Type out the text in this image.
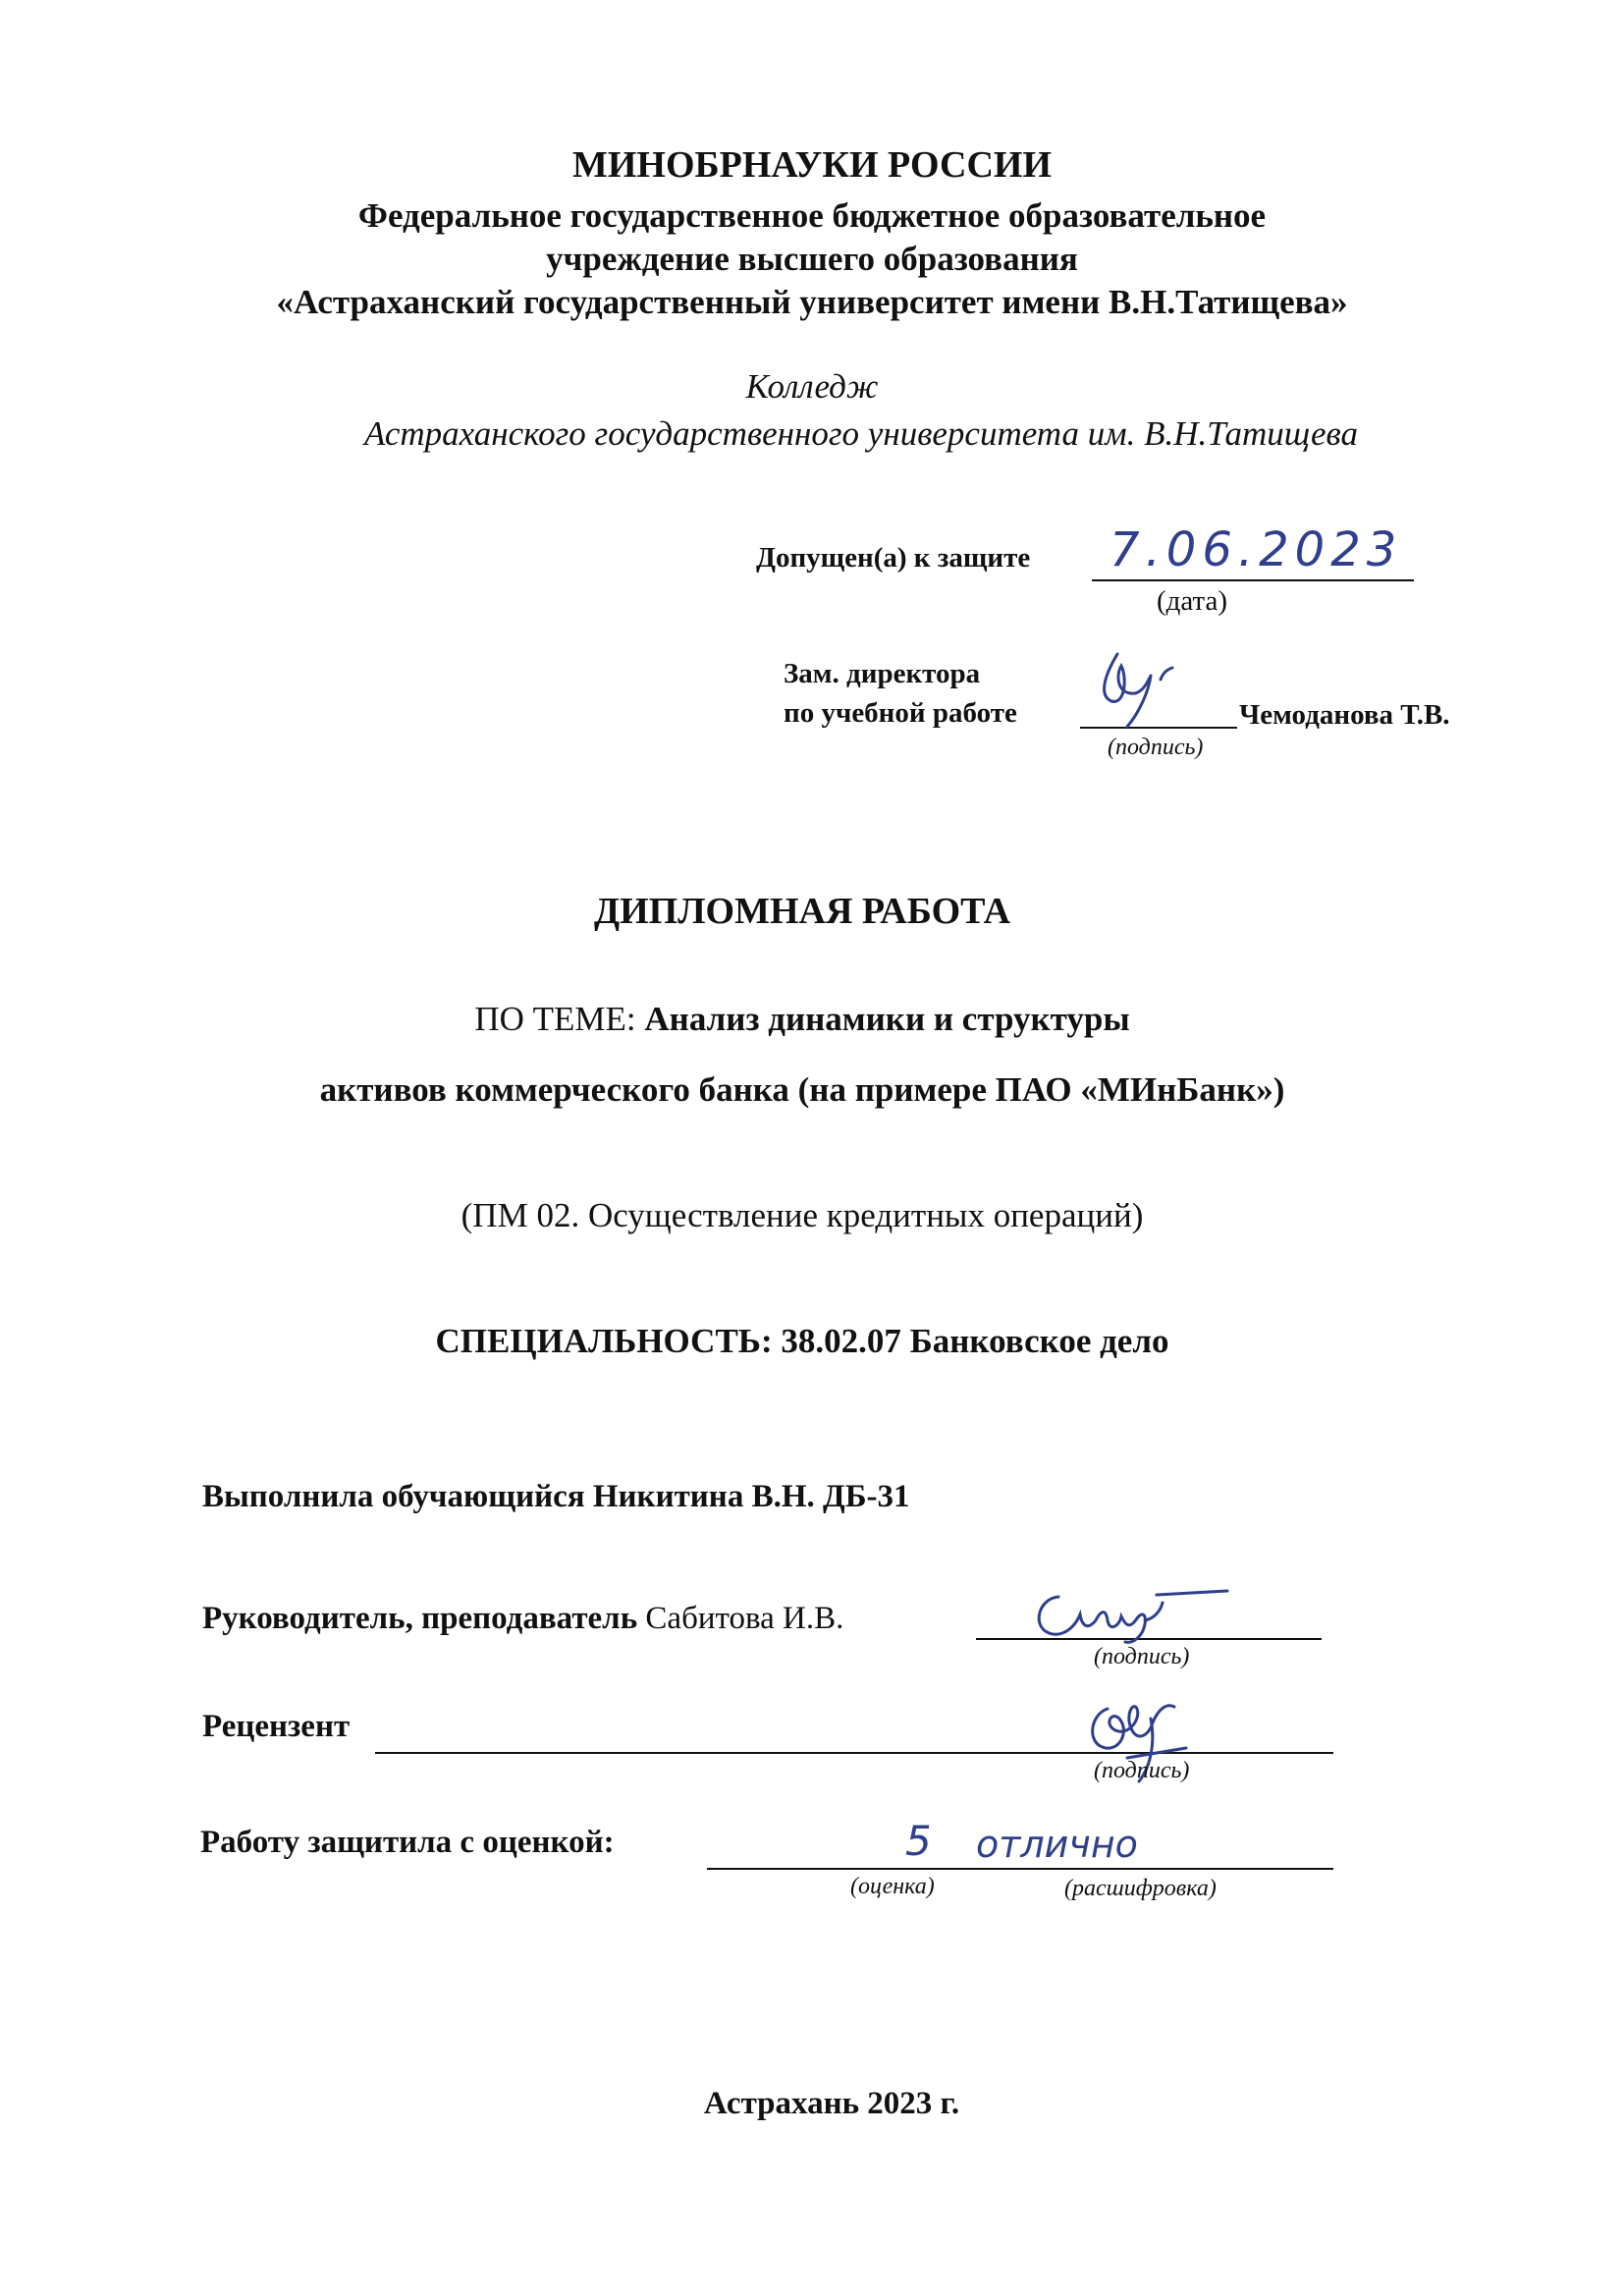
МИНОБРНАУКИ РОССИИ
Федеральное государственное бюджетное образовательное
учреждение высшего образования
«Астраханский государственный университет имени В.Н.Татищева»
Колледж
Астраханского государственного университета им. В.Н.Татищева
Допущен(а) к защите 7.06.2023
(дата)
Зам. директора
по учебной работе	Чемоданова Т.В.
(подпись)
ДИПЛОМНАЯ РАБОТА
ПО ТЕМЕ: Анализ динамики и структуры
активов коммерческого банка (на примере ПАО «МИнБанк»)
(ПМ 02. Осуществление кредитных операций)
СПЕЦИАЛЬНОСТЬ: 38.02.07 Банковское дело
Выполнила обучающийся Никитина В.Н. ДБ-31
Руководитель, преподаватель Сабитова И.В.
(подпись)
Рецензент
(подпись)
Работу защитила с оценкой:	5 отлично
(оценка)	(расшифровка)
Астрахань 2023 г.
